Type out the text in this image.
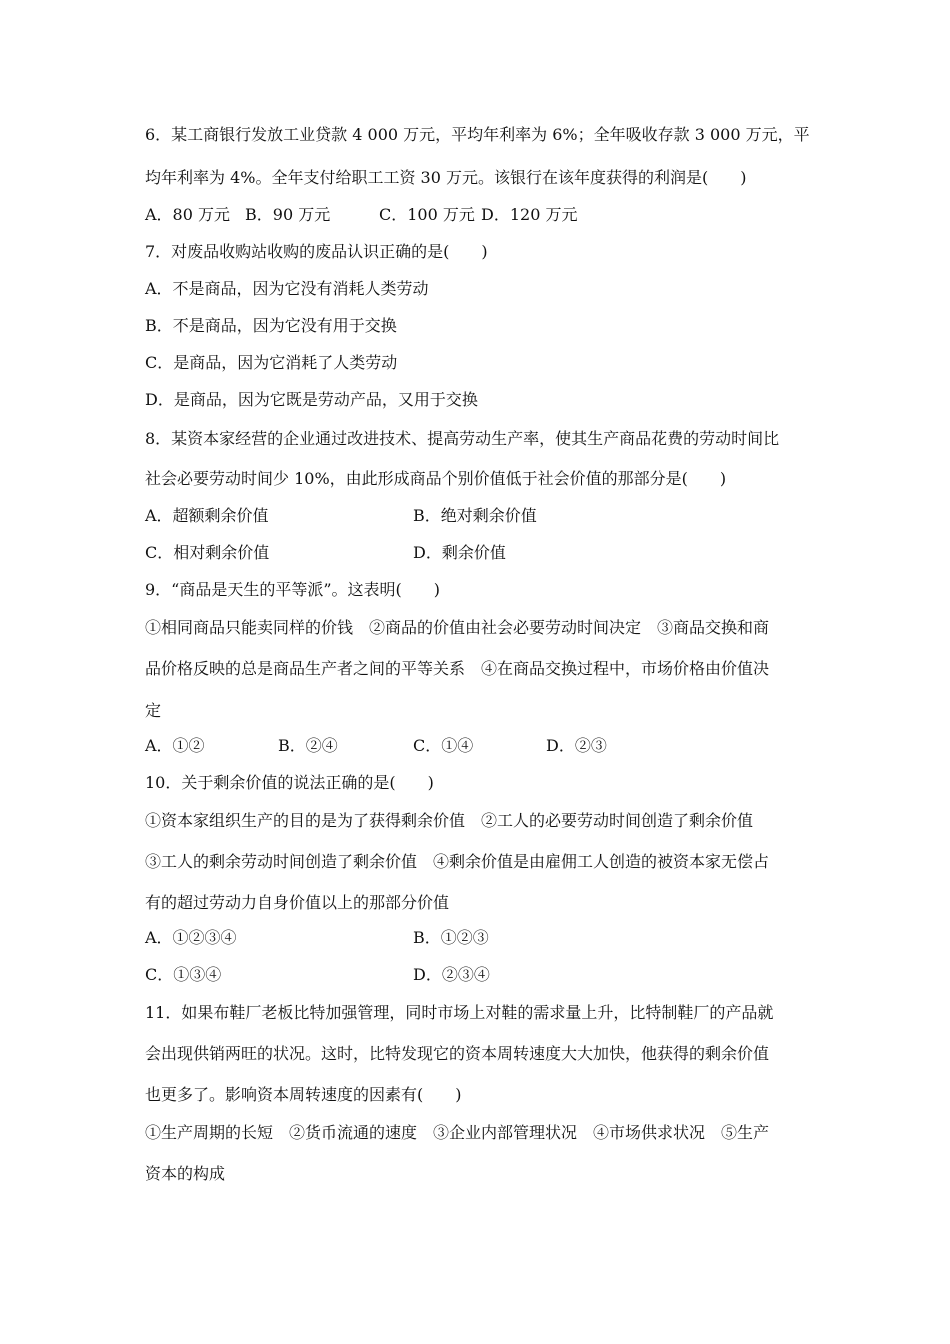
6．某工商银行发放工业贷款 4 000 万元，平均年利率为 6%；全年吸收存款 3 000 万元，平
均年利率为 4%。全年支付给职工工资 30 万元。该银行在该年度获得的利润是(　　)
A．80 万元 B．90 万元	C．100 万元 D．120 万元
7．对废品收购站收购的废品认识正确的是(　　)
A．不是商品，因为它没有消耗人类劳动
B．不是商品，因为它没有用于交换
C．是商品，因为它消耗了人类劳动
D．是商品，因为它既是劳动产品，又用于交换
8．某资本家经营的企业通过改进技术、提高劳动生产率，使其生产商品花费的劳动时间比
社会必要劳动时间少 10%，由此形成商品个别价值低于社会价值的那部分是(　　)
A．超额剩余价值	B．绝对剩余价值
C．相对剩余价值	D．剩余价值
9．“商品是天生的平等派”。这表明(　　)
①相同商品只能卖同样的价钱　②商品的价值由社会必要劳动时间决定　③商品交换和商
品价格反映的总是商品生产者之间的平等关系　④在商品交换过程中，市场价格由价值决
定
A．①②	B．②④	C．①④	D．②③
10．关于剩余价值的说法正确的是(　　)
①资本家组织生产的目的是为了获得剩余价值　②工人的必要劳动时间创造了剩余价值
③工人的剩余劳动时间创造了剩余价值　④剩余价值是由雇佣工人创造的被资本家无偿占
有的超过劳动力自身价值以上的那部分价值
A．①②③④	B．①②③
C．①③④	D．②③④
11．如果布鞋厂老板比特加强管理，同时市场上对鞋的需求量上升，比特制鞋厂的产品就
会出现供销两旺的状况。这时，比特发现它的资本周转速度大大加快，他获得的剩余价值
也更多了。影响资本周转速度的因素有(　　)
①生产周期的长短　②货币流通的速度　③企业内部管理状况　④市场供求状况　⑤生产
资本的构成
